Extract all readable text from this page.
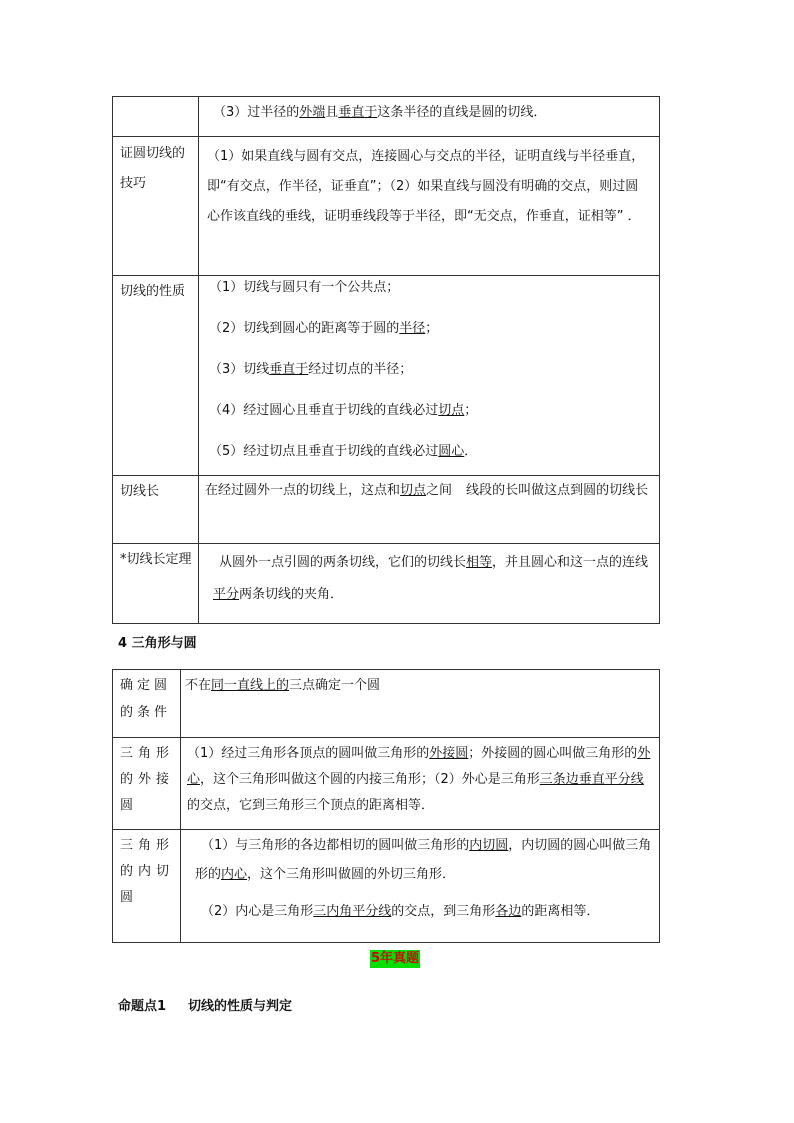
	（3）过半径的外端且垂直于这条半径的直线是圆的切线．
证圆切线的技巧	（1）如果直线与圆有交点，连接圆心与交点的半径，证明直线与半径垂直，即“有交点，作半径，证垂直”；（2）如果直线与圆没有明确的交点，则过圆心作该直线的垂线，证明垂线段等于半径，即“无交点，作垂直，证相等” ．
切线的性质	（1）切线与圆只有一个公共点；

（2）切线到圆心的距离等于圆的半径；

（3）切线垂直于经过切点的半径；

（4）经过圆心且垂直于切线的直线必过切点；

（5）经过切点且垂直于切线的直线必过圆心．

切线长	在经过圆外一点的切线上，这点和切点之间 线段的长叫做这点到圆的切线长
*切线长定理	从圆外一点引圆的两条切线，它们的切线长相等，并且圆心和这一点的连线平分两条切线的夹角．
4 三角形与圆
确定圆的条件	不在同一直线上的三点确定一个圆
三角形的外接圆	（1）经过三角形各顶点的圆叫做三角形的外接圆；外接圆的圆心叫做三角形的外心，这个三角形叫做这个圆的内接三角形；（2）外心是三角形三条边垂直平分线的交点，它到三角形三个顶点的距离相等．
三角形的内切圆	（1）与三角形的各边都相切的圆叫做三角形的内切圆，内切圆的圆心叫做三角形的内心，这个三角形叫做圆的外切三角形．

（2）内心是三角形三内角平分线的交点，到三角形各边的距离相等．

5年真题
命题点1 切线的性质与判定
